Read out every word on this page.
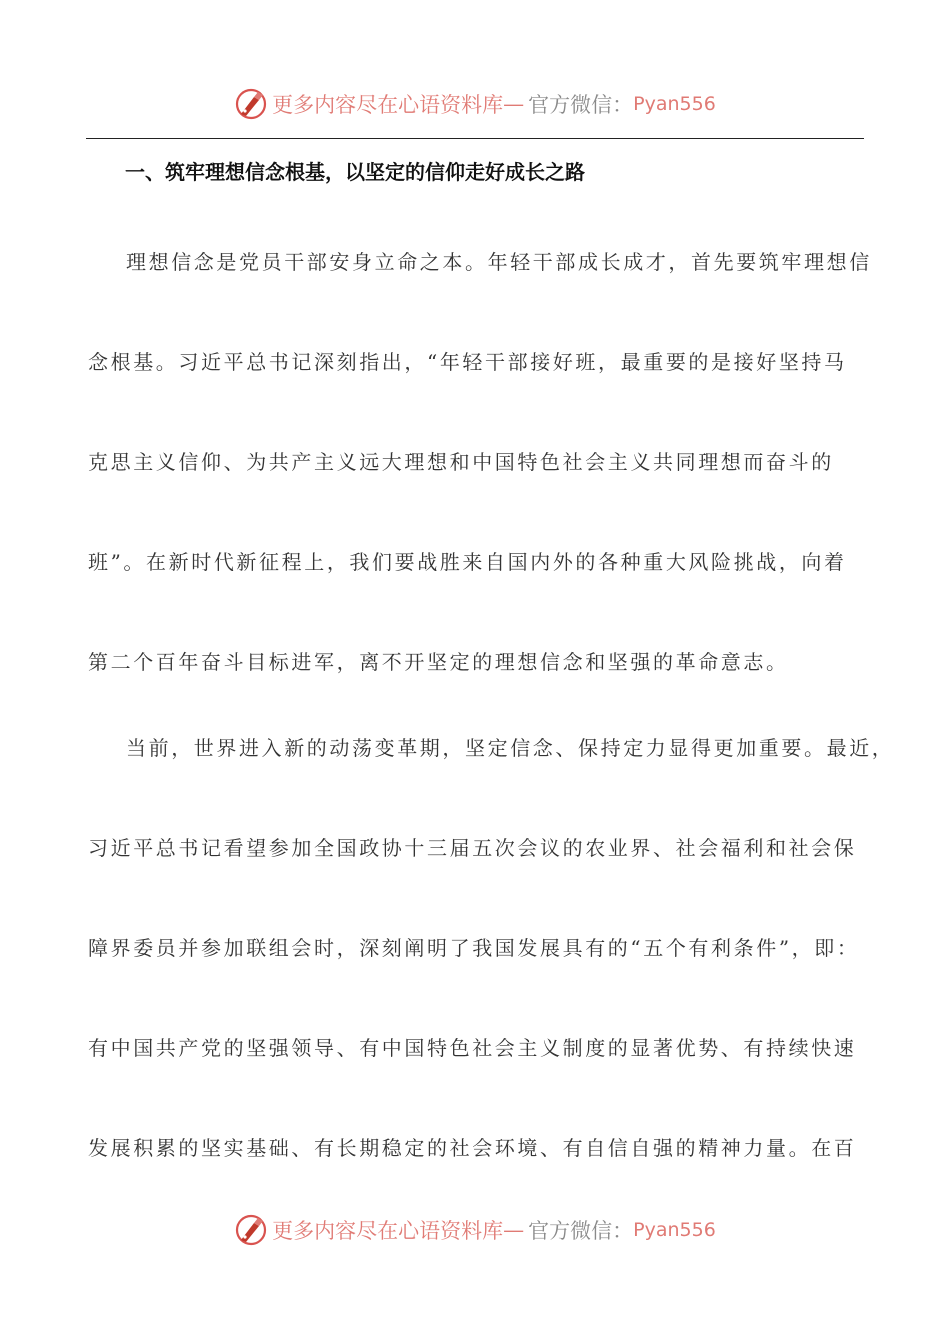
更多内容尽在心语资料库 — 官方微信： Pyan556
一、筑牢理想信念根基，以坚定的信仰走好成长之路
理想信念是党员干部安身立命之本。年轻干部成长成才，首先要筑牢理想信
念根基。习近平总书记深刻指出，“年轻干部接好班，最重要的是接好坚持马
克思主义信仰、为共产主义远大理想和中国特色社会主义共同理想而奋斗的
班”。在新时代新征程上，我们要战胜来自国内外的各种重大风险挑战，向着
第二个百年奋斗目标进军，离不开坚定的理想信念和坚强的革命意志。
当前，世界进入新的动荡变革期，坚定信念、保持定力显得更加重要。最近，
习近平总书记看望参加全国政协十三届五次会议的农业界、社会福利和社会保
障界委员并参加联组会时，深刻阐明了我国发展具有的“五个有利条件”，即：
有中国共产党的坚强领导、有中国特色社会主义制度的显著优势、有持续快速
发展积累的坚实基础、有长期稳定的社会环境、有自信自强的精神力量。在百
更多内容尽在心语资料库 — 官方微信： Pyan556
